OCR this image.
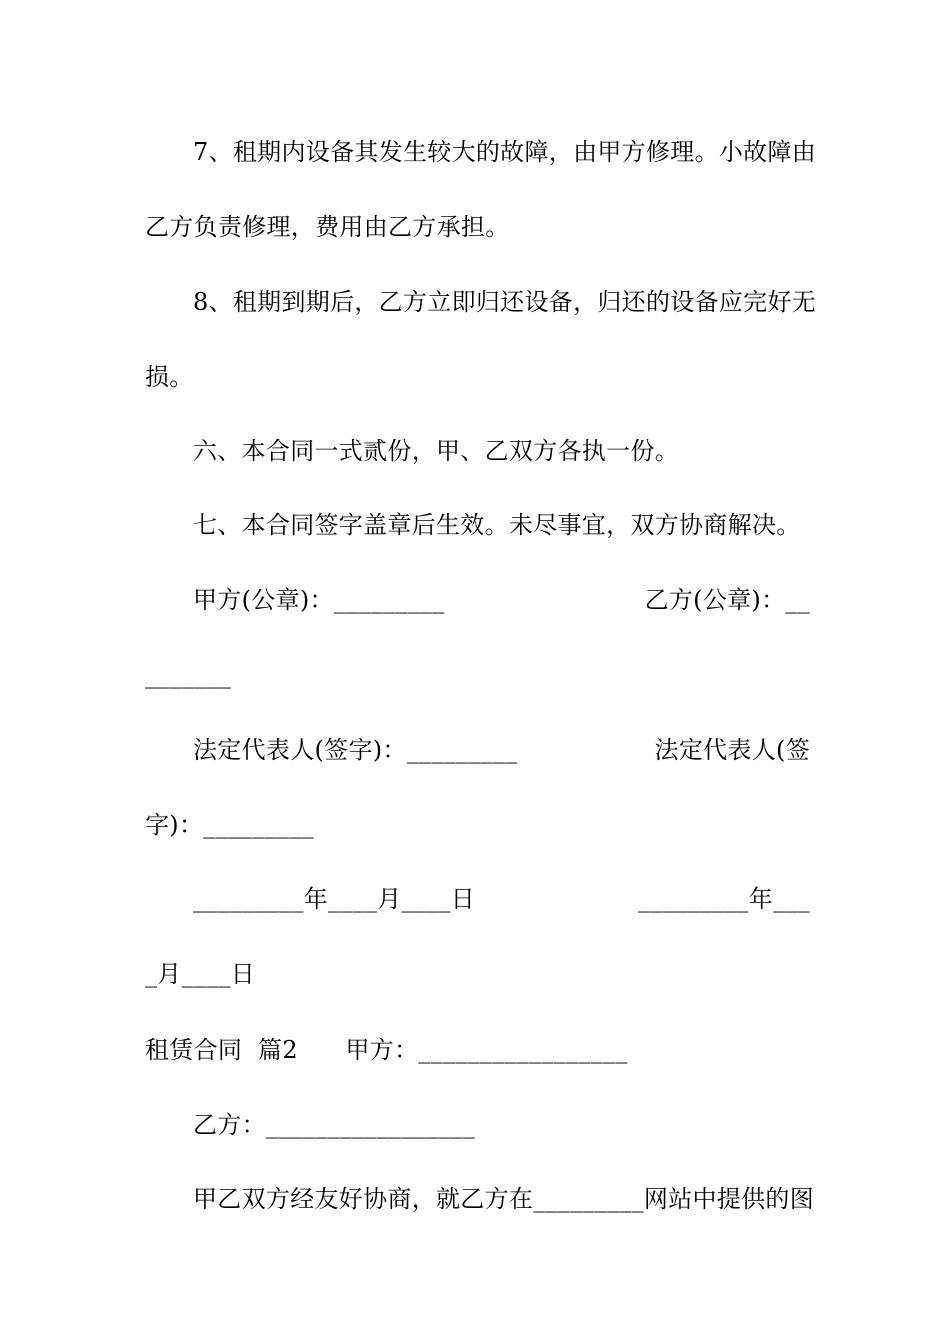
7、租期内设备其发生较大的故障，由甲方修理。小故障由
乙方负责修理，费用由乙方承担。
8、租期到期后，乙方立即归还设备，归还的设备应完好无
损。
六、本合同一式贰份，甲、乙双方各执一份。
七、本合同签字盖章后生效。未尽事宜，双方协商解决。
甲方(公章)：_________	乙方(公章)：__
_______
法定代表人(签字)：_________	法定代表人(签
字)：_________
_________年____月____日	_________年___
_月____日
租赁合同  篇2      甲方：_________________
乙方：_________________
甲乙双方经友好协商，就乙方在_________网站中提供的图
